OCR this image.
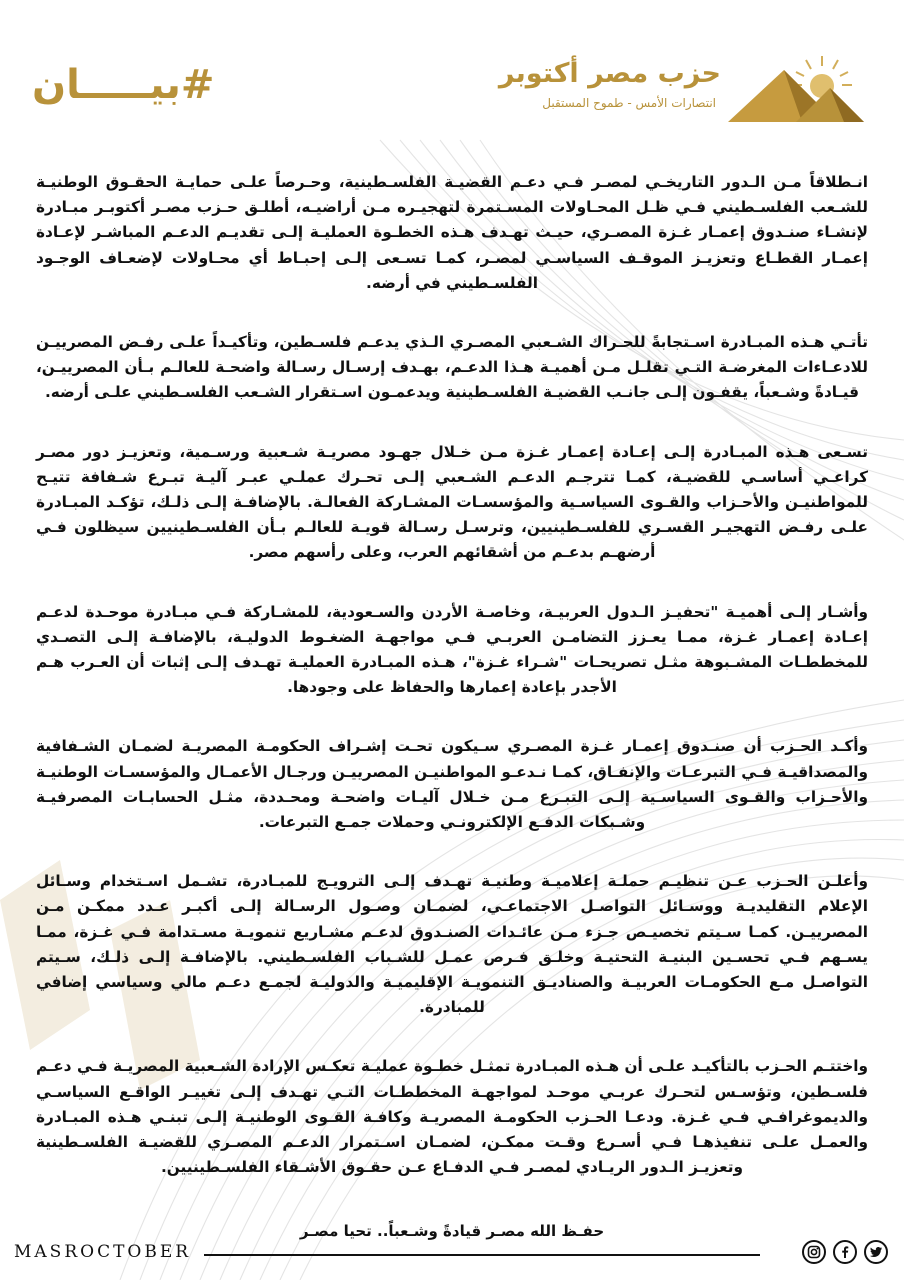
#بيـــــان	حزب مصر أكتوبر
انتصارات الأمس - طموح المستقبل

انـطلاقاً مـن الـدور التاريخـي لمصـر فـي دعـم القضيـة الفلسـطينية، وحـرصاً علـى حمايـة الحقـوق الوطنيـة للشـعب الفلسـطيني فـي ظـل المحـاولات المسـتمرة لتهجيـره مـن أراضيـه، أطلـق حـزب مصـر أكتوبـر مبـادرة لإنشـاء صنـدوق إعمـار غـزة المصـري، حيـث تهـدف هـذه الخطـوة العمليـة إلـى تقديـم الدعـم المباشـر لإعـادة إعمـار القطـاع وتعزيـز الموقـف السياسـي لمصـر، كمـا تسـعى إلـى إحبـاط أي محـاولات لإضعـاف الوجـود الفلسـطيني في أرضه.

تأتـي هـذه المبـادرة اسـتجابةً للحـراك الشـعبي المصـري الـذي يدعـم فلسـطين، وتأكيـداً علـى رفـض المصرييـن للادعـاءات المغرضـة التـي تقلـل مـن أهميـة هـذا الدعـم، بهـدف إرسـال رسـالة واضحـة للعالـم بـأن المصرييـن، قيـادةً وشـعباً، يقفـون إلـى جانـب القضيـة الفلسـطينية ويدعمـون اسـتقرار الشـعب الفلسـطيني علـى أرضه.

تسـعى هـذه المبـادرة إلـى إعـادة إعمـار غـزة مـن خـلال جهـود مصريـة شـعبية ورسـمية، وتعزيـز دور مصـر كراعـي أساسـي للقضيـة، كمـا تترجـم الدعـم الشـعبي إلـى تحـرك عملـي عبـر آليـة تبـرع شـفافة تتيـح للمواطنيـن والأحـزاب والقـوى السياسـية والمؤسسـات المشـاركة الفعالـة. بالإضافـة إلـى ذلـك، تؤكـد المبـادرة علـى رفـض التهجيـر القسـري للفلسـطينيين، وترسـل رسـالة قويـة للعالـم بـأن الفلسـطينيين سيظلون فـي أرضهـم بدعـم من أشقائهم العرب، وعلى رأسهم مصر.

وأشـار إلـى أهميـة "تحفيـز الـدول العربيـة، وخاصـة الأردن والسـعودية، للمشـاركة فـي مبـادرة موحـدة لدعـم إعـادة إعمـار غـزة، ممـا يعـزز التضامـن العربـي فـي مواجهـة الضغـوط الدوليـة، بالإضافـة إلـى التصـدي للمخططـات المشـبوهة مثـل تصريحـات "شـراء غـزة"، هـذه المبـادرة العمليـة تهـدف إلـى إثبات أن العـرب هـم الأجدر بإعادة إعمارها والحفاظ على وجودها.

وأكـد الحـزب أن صنـدوق إعمـار غـزة المصـري سـيكون تحـت إشـراف الحكومـة المصريـة لضمـان الشـفافية والمصداقيـة فـي التبرعـات والإنفـاق، كمـا نـدعـو المواطنيـن المصرييـن ورجـال الأعمـال والمؤسسـات الوطنيـة والأحـزاب والقـوى السياسـية إلـى التبـرع مـن خـلال آليـات واضحـة ومحـددة، مثـل الحسابـات المصرفيـة وشـبكات الدفـع الإلكترونـي وحملات جمـع التبرعات.

وأعلـن الحـزب عـن تنظيـم حملـة إعلاميـة وطنيـة تهـدف إلـى الترويـج للمبـادرة، تشـمل اسـتخدام وسـائل الإعلام التقليديـة ووسـائل التواصـل الاجتماعـي، لضمـان وصـول الرسـالة إلـى أكبـر عـدد ممكـن مـن المصرييـن. كمـا سـيتم تخصيـص جـزء مـن عائـدات الصنـدوق لدعـم مشـاريع تنمويـة مسـتدامة فـي غـزة، ممـا يسـهم فـي تحسـين البنيـة التحتيـة وخلـق فـرص عمـل للشـباب الفلسـطيني. بالإضافـة إلـى ذلـك، سـيتم التواصـل مـع الحكومـات العربيـة والصناديـق التنمويـة الإقليميـة والدوليـة لجمـع دعـم مالي وسياسي إضافي للمبادرة.

واختتـم الحـزب بالتأكيـد علـى أن هـذه المبـادرة تمثـل خطـوة عمليـة تعكـس الإرادة الشـعبية المصريـة فـي دعـم فلسـطين، وتؤسـس لتحـرك عربـي موحـد لمواجهـة المخططـات التـي تهـدف إلـى تغييـر الواقـع السياسـي والديموغرافـي فـي غـزة. ودعـا الحـزب الحكومـة المصريـة وكافـة القـوى الوطنيـة إلـى تبنـي هـذه المبـادرة والعمـل علـى تنفيذهـا فـي أسـرع وقـت ممكـن، لضمـان اسـتمرار الدعـم المصـري للقضيـة الفلسـطينية وتعزيـز الـدور الريـادي لمصـر فـي الدفـاع عـن حقـوق الأشـقاء الفلسـطينيين.

حفـظ الله مصـر قيادةً وشـعباً.. تحيا مصـر
MASROCTOBER
